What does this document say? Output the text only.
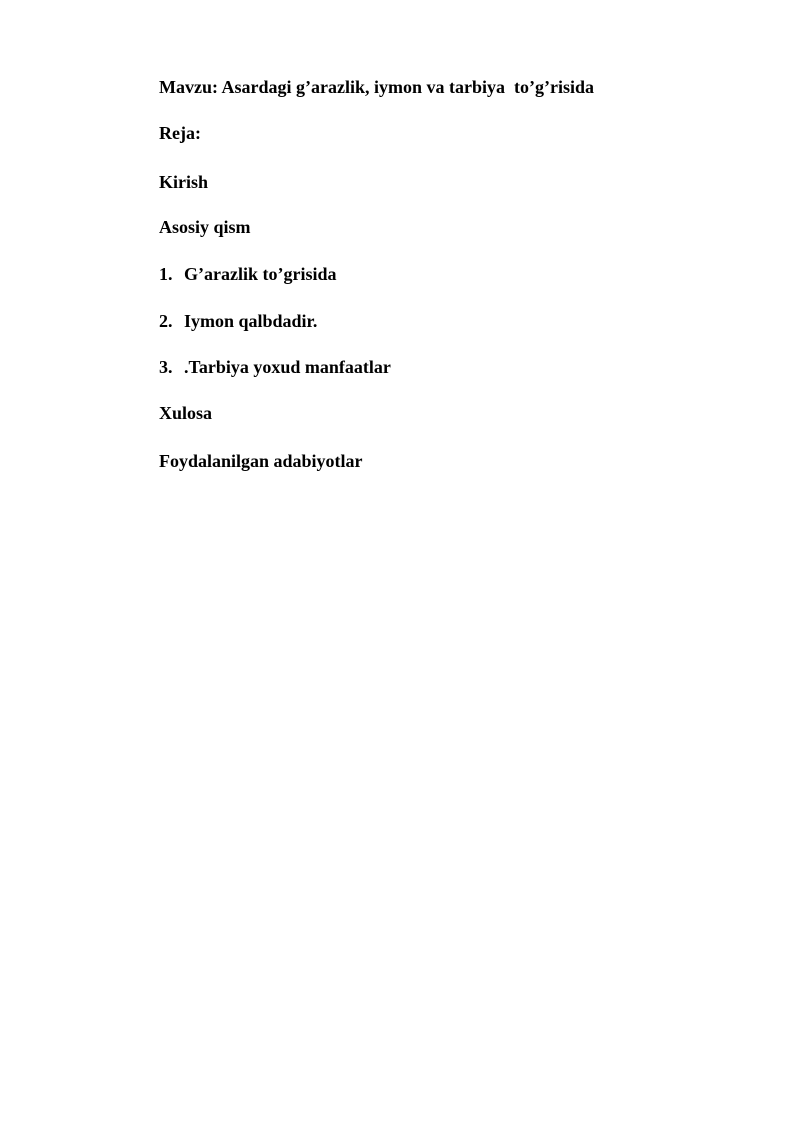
Mavzu: Asardagi g’arazlik, iymon va tarbiya  to’g’risida
Reja:
Kirish
Asosiy qism
1. G’arazlik to’grisida
2. Iymon qalbdadir.
3. .Tarbiya yoxud manfaatlar
Xulosa
Foydalanilgan adabiyotlar
